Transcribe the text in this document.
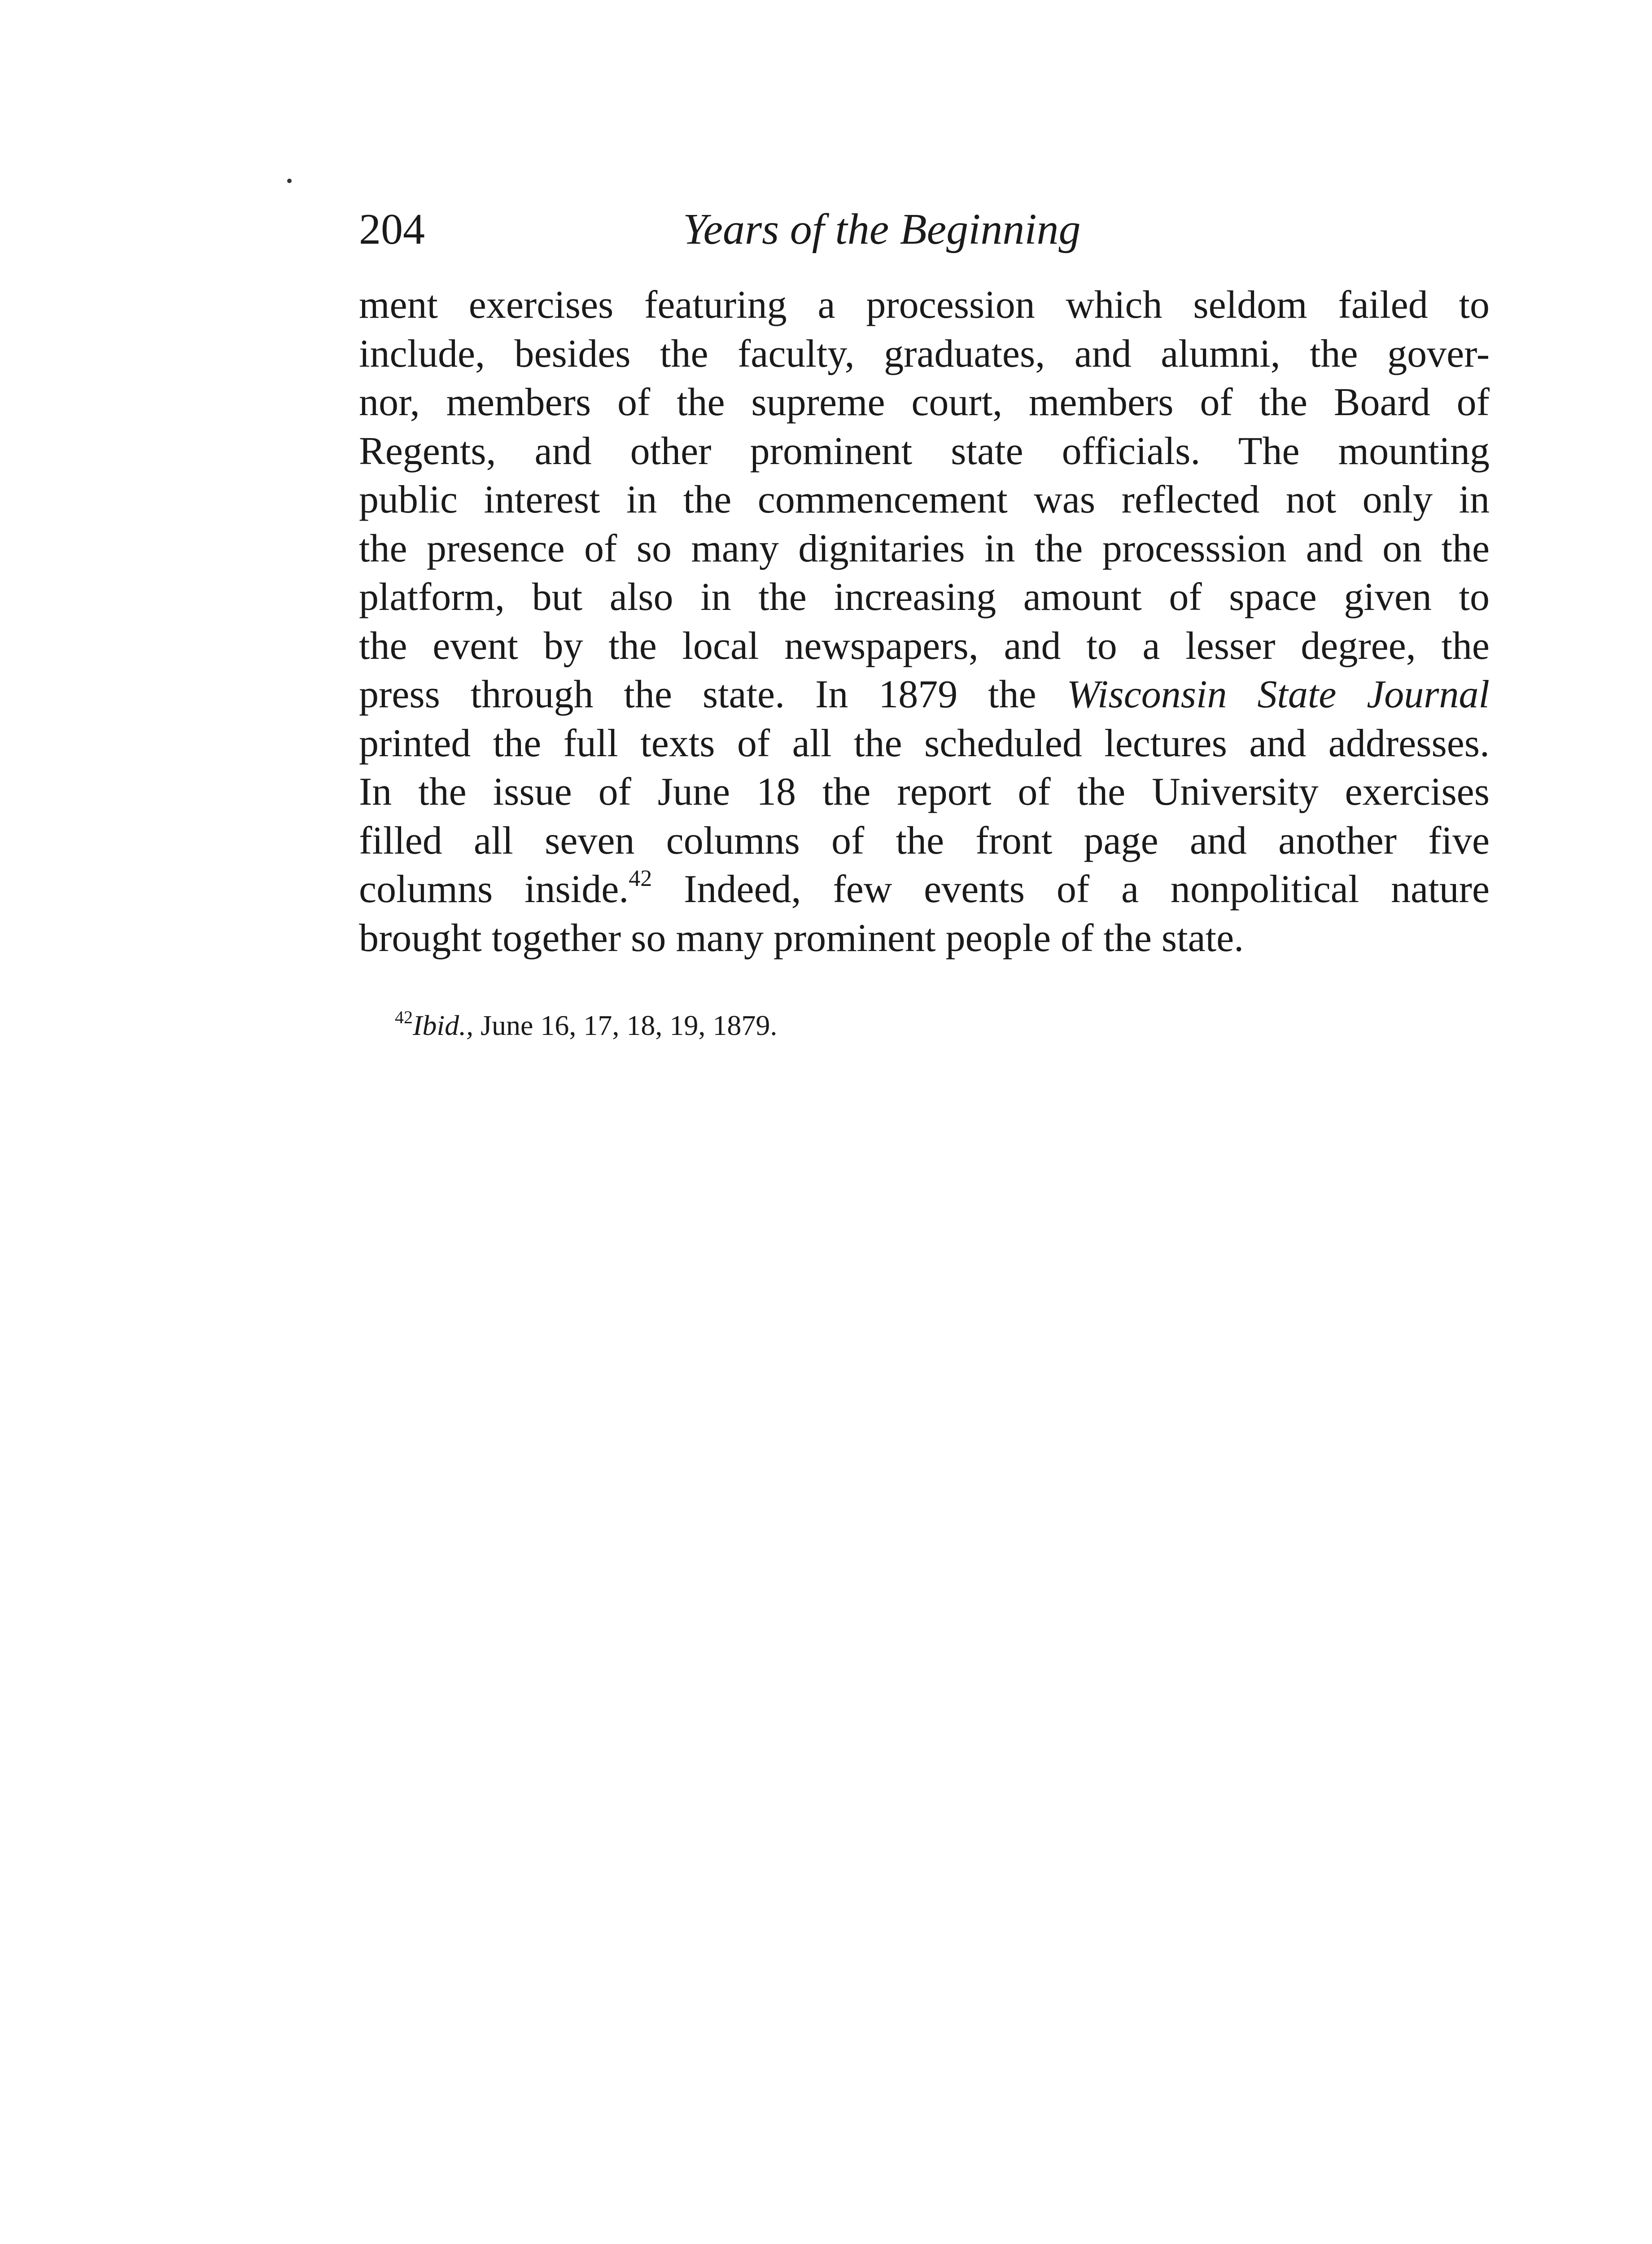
204	Years of the Beginning
ment exercises featuring a procession which seldom failed to
include, besides the faculty, graduates, and alumni, the gover-
nor, members of the supreme court, members of the Board of
Regents, and other prominent state officials. The mounting
public interest in the commencement was reflected not only in
the presence of so many dignitaries in the processsion and on the
platform, but also in the increasing amount of space given to
the event by the local newspapers, and to a lesser degree, the
press through the state. In 1879 the Wisconsin State Journal
printed the full texts of all the scheduled lectures and addresses.
In the issue of June 18 the report of the University exercises
filled all seven columns of the front page and another five
columns inside.$^{42}$ Indeed, few events of a nonpolitical nature
brought together so many prominent people of the state.
$^{42}$Ibid., June 16, 17, 18, 19, 1879.
